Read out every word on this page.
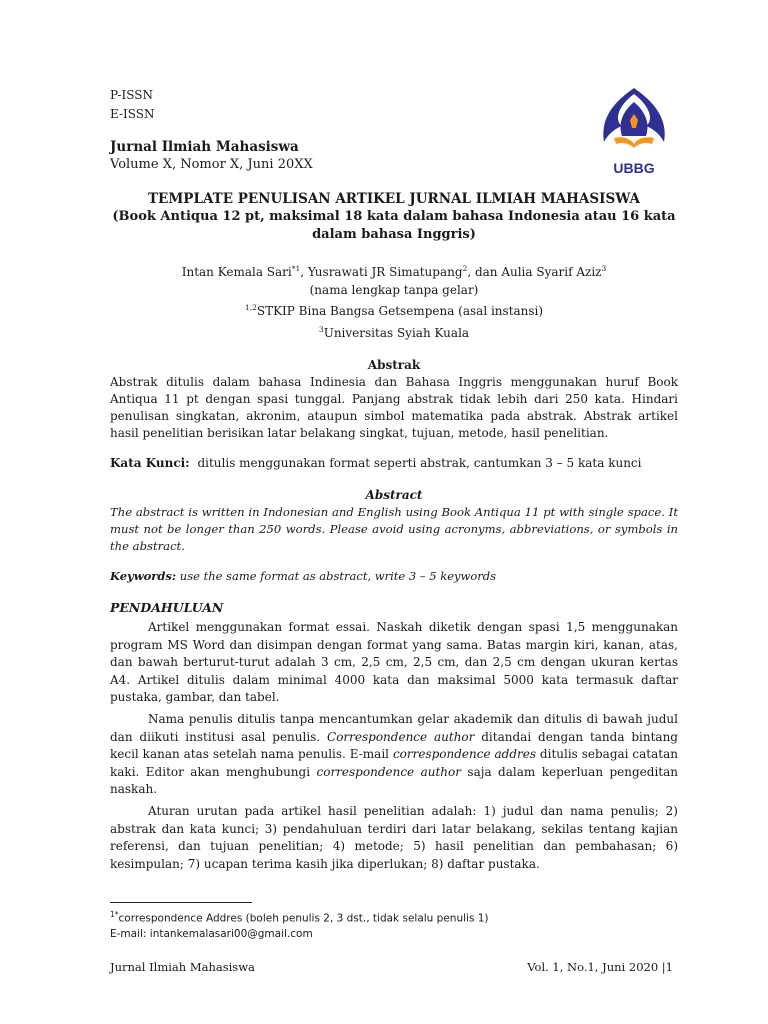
P-ISSN
E-ISSN
Jurnal Ilmiah Mahasiswa
Volume X, Nomor X, Juni 20XX	UBBG
TEMPLATE PENULISAN ARTIKEL JURNAL ILMIAH MAHASISWA
(Book Antiqua 12 pt, maksimal 18 kata dalam bahasa Indonesia atau 16 kata dalam bahasa Inggris)
Intan Kemala Sari$^{*1}$, Yusrawati JR Simatupang$^2$, dan Aulia Syarif Aziz$^3$
(nama lengkap tanpa gelar)
$^{1,2}$STKIP Bina Bangsa Getsempena (asal instansi)
$^3$Universitas Syiah Kuala
Abstrak
Abstrak ditulis dalam bahasa Indinesia dan Bahasa Inggris menggunakan huruf Book Antiqua 11 pt dengan spasi tunggal. Panjang abstrak tidak lebih dari 250 kata. Hindari penulisan singkatan, akronim, ataupun simbol matematika pada abstrak. Abstrak artikel hasil penelitian berisikan latar belakang singkat, tujuan, metode, hasil penelitian.
Kata Kunci: ditulis menggunakan format seperti abstrak, cantumkan 3 – 5 kata kunci
Abstract
The abstract is written in Indonesian and English using Book Antiqua 11 pt with single space. It must not be longer than 250 words. Please avoid using acronyms, abbreviations, or symbols in the abstract.
Keywords: use the same format as abstract, write 3 – 5 keywords
PENDAHULUAN

Artikel menggunakan format essai. Naskah diketik dengan spasi 1,5 menggunakan program MS Word dan disimpan dengan format yang sama. Batas margin kiri, kanan, atas, dan bawah berturut-turut adalah 3 cm, 2,5 cm, 2,5 cm, dan 2,5 cm dengan ukuran kertas A4. Artikel ditulis dalam minimal 4000 kata dan maksimal 5000 kata termasuk daftar pustaka, gambar, dan tabel.

Nama penulis ditulis tanpa mencantumkan gelar akademik dan ditulis di bawah judul dan diikuti institusi asal penulis. Correspondence author ditandai dengan tanda bintang kecil kanan atas setelah nama penulis. E-mail correspondence addres ditulis sebagai catatan kaki. Editor akan menghubungi correspondence author saja dalam keperluan pengeditan naskah.

Aturan urutan pada artikel hasil penelitian adalah: 1) judul dan nama penulis; 2) abstrak dan kata kunci; 3) pendahuluan terdiri dari latar belakang, sekilas tentang kajian referensi, dan tujuan penelitian; 4) metode; 5) hasil penelitian dan pembahasan; 6) kesimpulan; 7) ucapan terima kasih jika diperlukan; 8) daftar pustaka.

$^{1*}$correspondence Addres (boleh penulis 2, 3 dst., tidak selalu penulis 1)
E-mail: intankemalasari00@gmail.com
Jurnal Ilmiah Mahasiswa	Vol. 1, No.1, Juni 2020 |1
